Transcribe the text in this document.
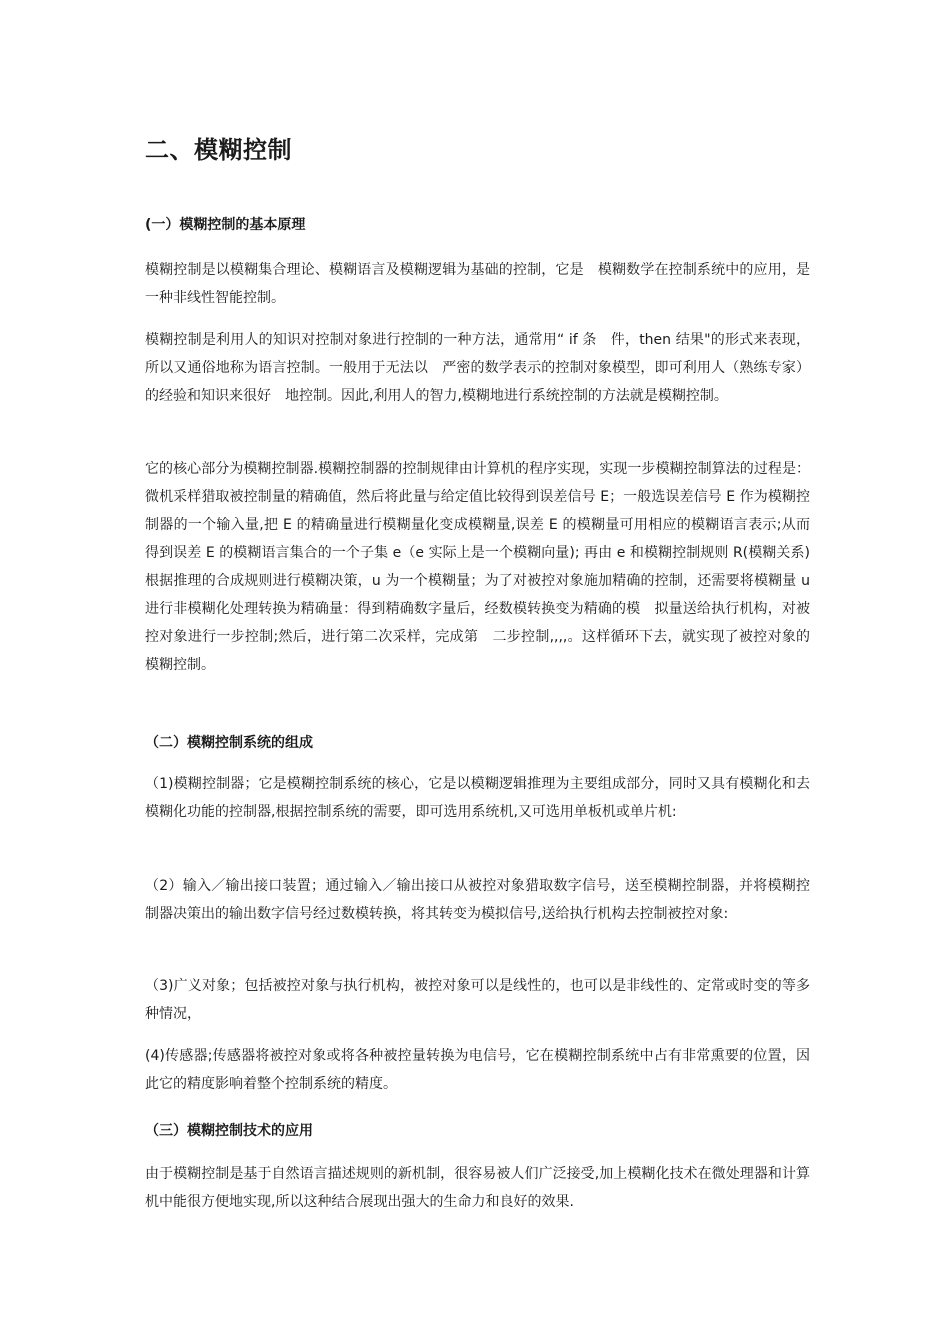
二、模糊控制
(一）模糊控制的基本原理

模糊控制是以模糊集合理论、模糊语言及模糊逻辑为基础的控制，它是　模糊数学在控制系统中的应用，是一种非线性智能控制。

模糊控制是利用人的知识对控制对象进行控制的一种方法，通常用“ if 条　件，then 结果"的形式来表现，所以又通俗地称为语言控制。一般用于无法以　严密的数学表示的控制对象模型，即可利用人（熟练专家）的经验和知识来很好　地控制。因此,利用人的智力,模糊地进行系统控制的方法就是模糊控制。

它的核心部分为模糊控制器.模糊控制器的控制规律由计算机的程序实现，实现一步模糊控制算法的过程是：微机采样猎取被控制量的精确值，然后将此量与给定值比较得到误差信号 E；一般选误差信号 E 作为模糊控制器的一个输入量,把 E 的精确量进行模糊量化变成模糊量,误差 E 的模糊量可用相应的模糊语言表示;从而得到误差 E 的模糊语言集合的一个子集 e（e 实际上是一个模糊向量); 再由 e 和模糊控制规则 R(模糊关系)根据推理的合成规则进行模糊决策，u 为一个模糊量；为了对被控对象施加精确的控制，还需要将模糊量 u 进行非模糊化处理转换为精确量：得到精确数字量后，经数模转换变为精确的模　拟量送给执行机构，对被控对象进行一步控制;然后，进行第二次采样，完成第　二步控制,,,,。这样循环下去，就实现了被控对象的模糊控制。

（二）模糊控制系统的组成

（1)模糊控制器；它是模糊控制系统的核心，它是以模糊逻辑推理为主要组成部分，同时又具有模糊化和去模糊化功能的控制器,根据控制系统的需要，即可选用系统机,又可选用单板机或单片机:

（2）输入／输出接口装置；通过输入／输出接口从被控对象猎取数字信号，送至模糊控制器，并将模糊控制器决策出的输出数字信号经过数模转换，将其转变为模拟信号,送给执行机构去控制被控对象:

（3)广义对象；包括被控对象与执行机构，被控对象可以是线性的，也可以是非线性的、定常或时变的等多种情况，

(4)传感器;传感器将被控对象或将各种被控量转换为电信号，它在模糊控制系统中占有非常熏要的位置，因此它的精度影响着整个控制系统的精度。

（三）模糊控制技术的应用

由于模糊控制是基于自然语言描述规则的新机制，很容易被人们广泛接受,加上模糊化技术在微处理器和计算机中能很方便地实现,所以这种结合展现出强大的生命力和良好的效果.
